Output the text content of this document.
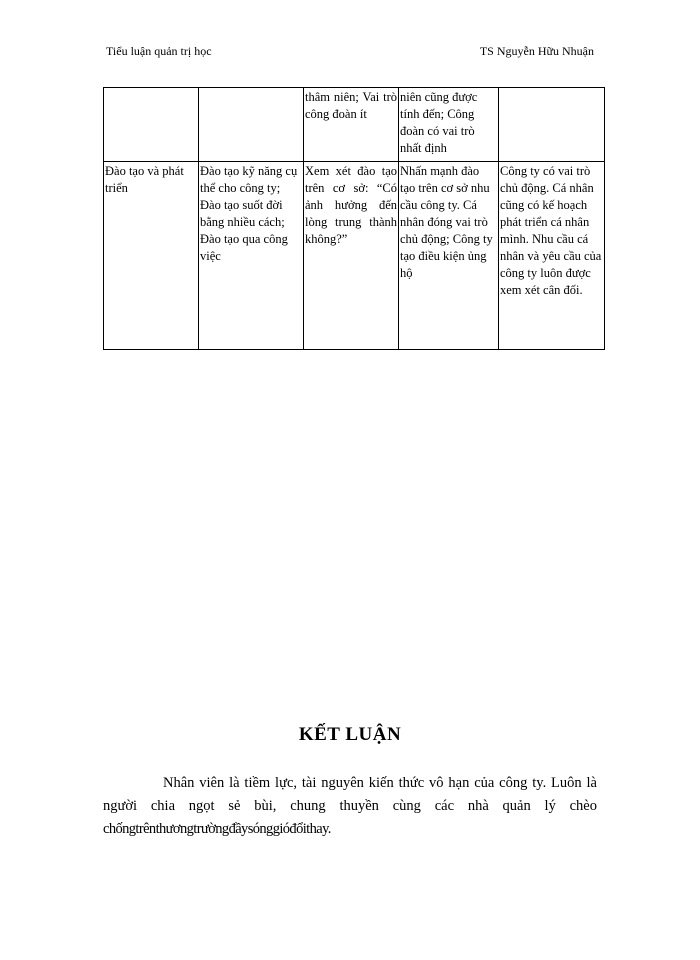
Tiểu luận quản trị học	TS Nguyễn Hữu Nhuận
		thâm niên; Vai trò công đoàn ít	niên cũng được tính đến; Công đoàn có vai trò nhất định	
Đào tạo và phát triển	Đào tạo kỹ năng cụ thể cho công ty; Đào tạo suốt đời bằng nhiều cách; Đào tạo qua công việc	Xem xét đào tạo trên cơ sở: “Có ảnh hưởng đến lòng trung thành không?”	Nhấn mạnh đào tạo trên cơ sở nhu cầu công ty. Cá nhân đóng vai trò chủ động; Công ty tạo điều kiện ủng hộ	Công ty có vai trò chủ động. Cá nhân cũng có kế hoạch phát triển cá nhân mình. Nhu cầu cá nhân và yêu cầu của công ty luôn được xem xét cân đối.
KẾT LUẬN

Nhân viên là tiềm lực, tài nguyên kiến thức vô hạn của công ty. Luôn là người chia ngọt sẻ bùi, chung thuyền cùng các nhà quản lý chèo chốngtrênthươngtrườngđầysónggióđổithay.
